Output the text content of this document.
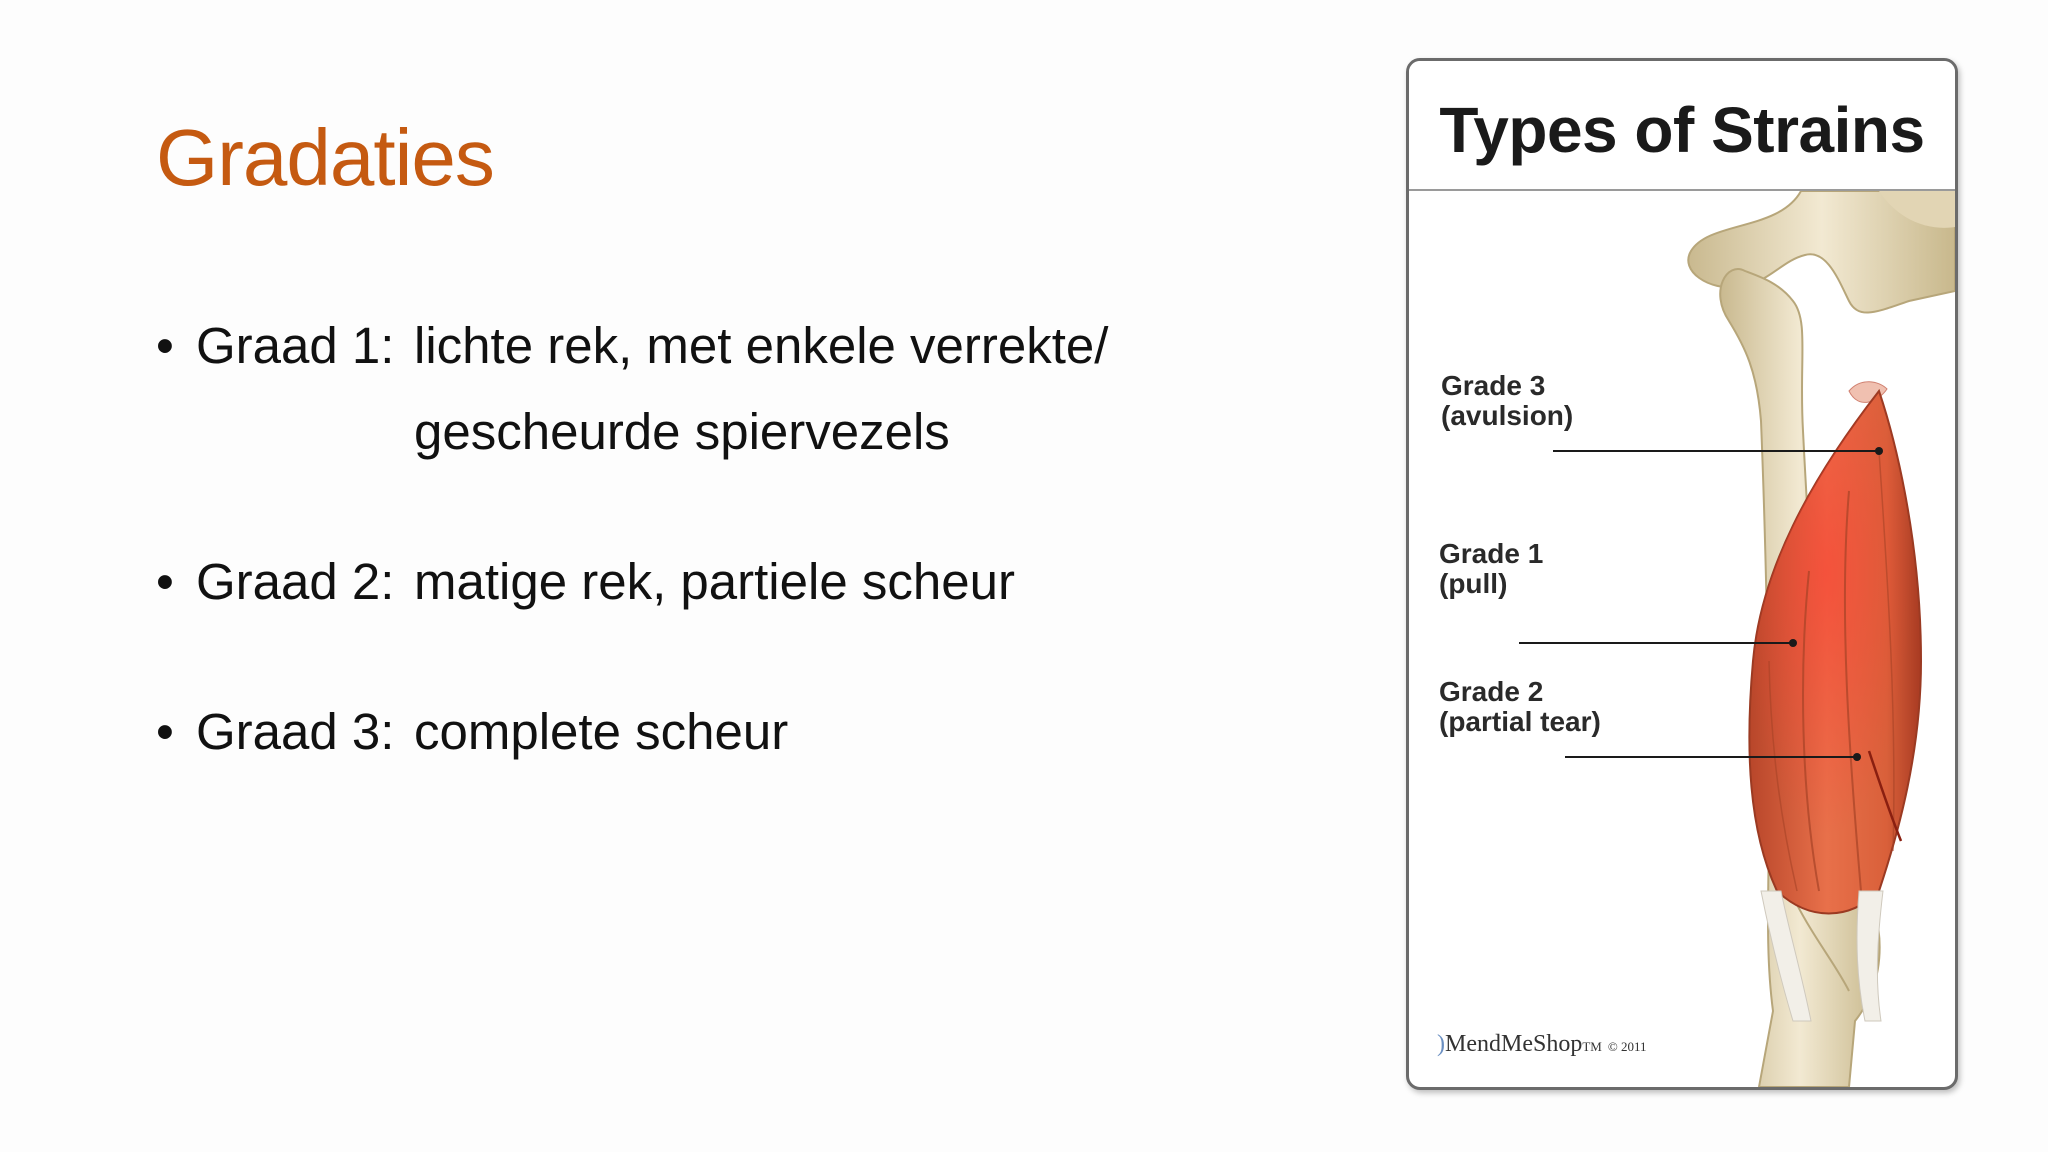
Gradaties
• Graad 1: lichte rek, met enkele verrekte/
gescheurde spiervezels
• Graad 2: matige rek, partiele scheur
• Graad 3: complete scheur
Types of Strains
Grade 3
(avulsion)
Grade 1
(pull)
Grade 2
(partial tear)
)MendMeShopTM © 2011
